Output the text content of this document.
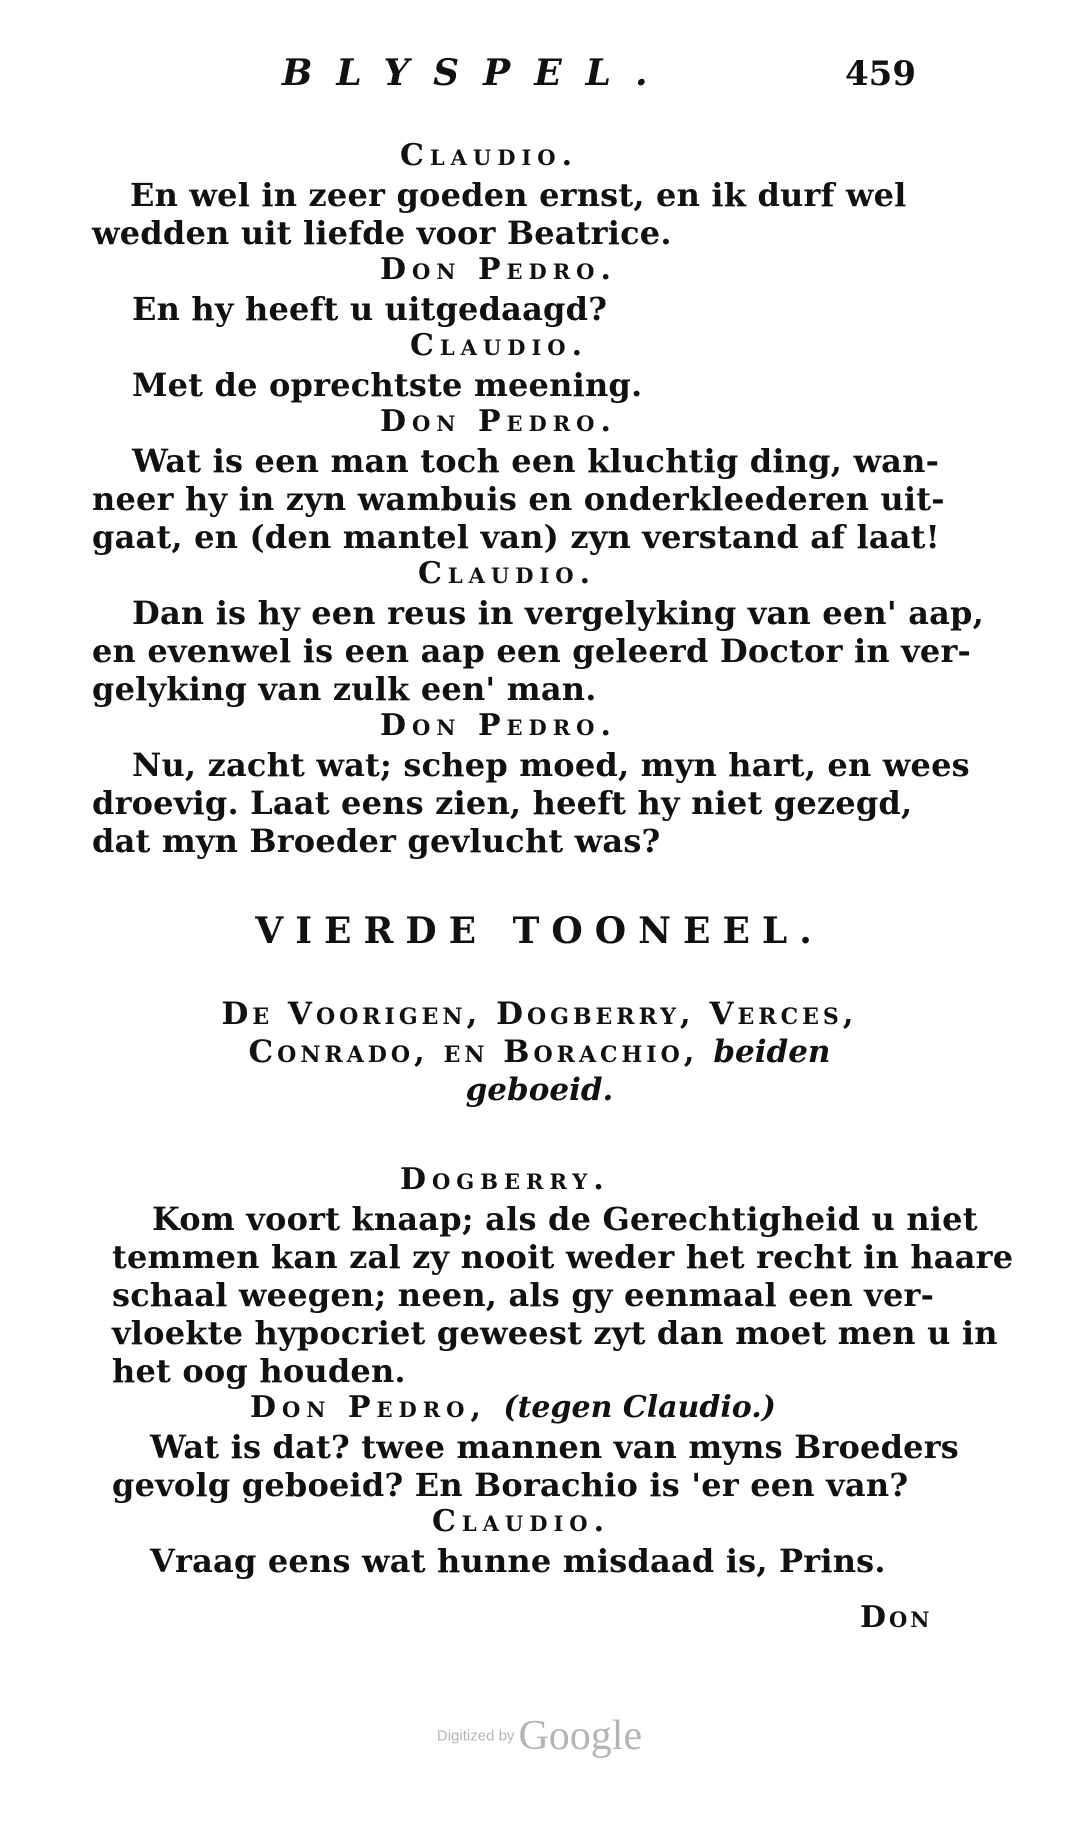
BLYSPEL.	459
Claudio.
En wel in zeer goeden ernst, en ik durf wel
wedden uit liefde voor Beatrice.
Don Pedro.
En hy heeft u uitgedaagd?
Claudio.
Met de oprechtste meening.
Don Pedro.
Wat is een man toch een kluchtig ding, wan-
neer hy in zyn wambuis en onderkleederen uit-
gaat, en (den mantel van) zyn verstand af laat!
Claudio.
Dan is hy een reus in vergelyking van een' aap,
en evenwel is een aap een geleerd Doctor in ver-
gelyking van zulk een' man.
Don Pedro.
Nu, zacht wat; schep moed, myn hart, en wees
droevig. Laat eens zien, heeft hy niet gezegd,
dat myn Broeder gevlucht was?
VIERDE TOONEEL.
De Voorigen, Dogberry, Verces,
Conrado, en Borachio, beiden
geboeid.
Dogberry.
Kom voort knaap; als de Gerechtigheid u niet
temmen kan zal zy nooit weder het recht in haare
schaal weegen; neen, als gy eenmaal een ver-
vloekte hypocriet geweest zyt dan moet men u in
het oog houden.
Don Pedro, (tegen Claudio.)
Wat is dat? twee mannen van myns Broeders
gevolg geboeid? En Borachio is 'er een van?
Claudio.
Vraag eens wat hunne misdaad is, Prins.
Don
Digitized by Google
